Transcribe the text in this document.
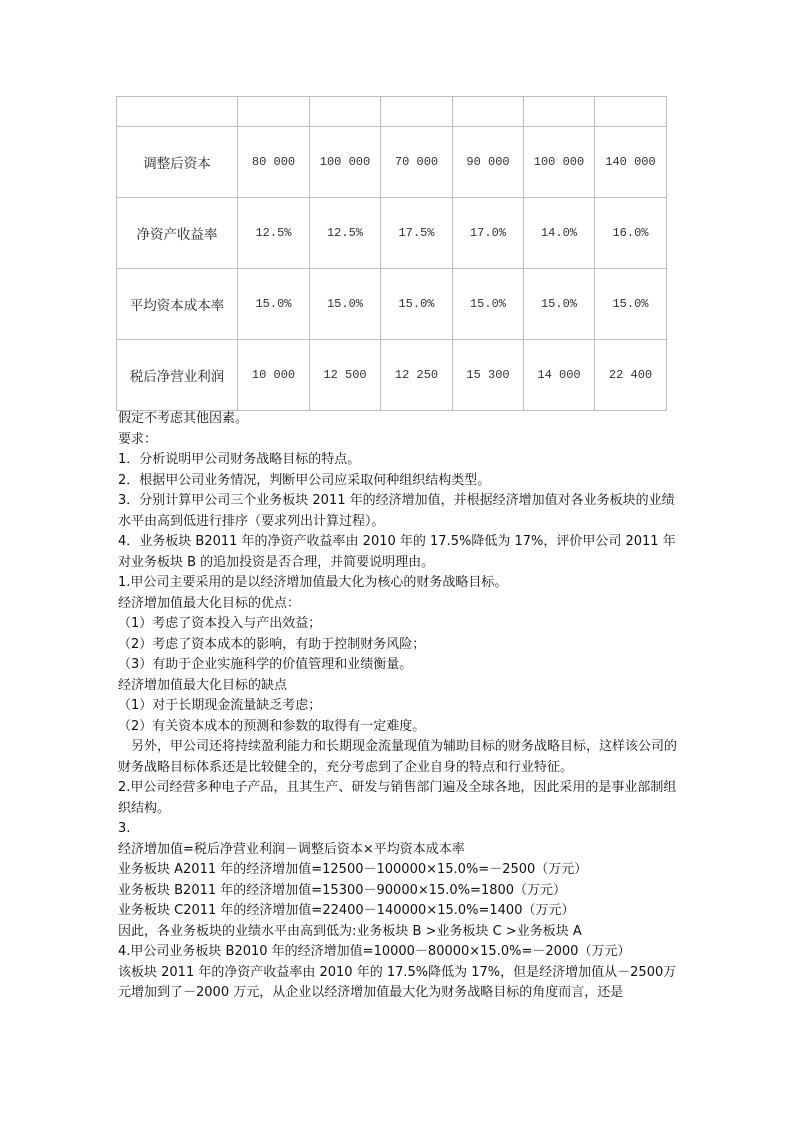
调整后资本	80 000	100 000	70 000	90 000	100 000	140 000
净资产收益率	12.5%	12.5%	17.5%	17.0%	14.0%	16.0%
平均资本成本率	15.0%	15.0%	15.0%	15.0%	15.0%	15.0%
税后净营业利润	10 000	12 500	12 250	15 300	14 000	22 400

假定不考虑其他因素。

要求：

1．分析说明甲公司财务战略目标的特点。

2．根据甲公司业务情况，判断甲公司应采取何种组织结构类型。

3．分别计算甲公司三个业务板块 2011 年的经济增加值，并根据经济增加值对各业务板块的业绩水平由高到低进行排序（要求列出计算过程）。

4．业务板块 B2011 年的净资产收益率由 2010 年的 17.5%降低为 17%，评价甲公司 2011 年对业务板块 B 的追加投资是否合理，并简要说明理由。

1.甲公司主要采用的是以经济增加值最大化为核心的财务战略目标。

经济增加值最大化目标的优点：

（1）考虑了资本投入与产出效益；

（2）考虑了资本成本的影响，有助于控制财务风险；

（3）有助于企业实施科学的价值管理和业绩衡量。

经济增加值最大化目标的缺点

（1）对于长期现金流量缺乏考虑；

（2）有关资本成本的预测和参数的取得有一定难度。

另外，甲公司还将持续盈利能力和长期现金流量现值为辅助目标的财务战略目标，这样该公司的财务战略目标体系还是比较健全的，充分考虑到了企业自身的特点和行业特征。

2.甲公司经营多种电子产品，且其生产、研发与销售部门遍及全球各地，因此采用的是事业部制组织结构。

3.

经济增加值=税后净营业利润－调整后资本×平均资本成本率

业务板块 A2011 年的经济增加值=12500－100000×15.0%=－2500（万元）

业务板块 B2011 年的经济增加值=15300－90000×15.0%=1800（万元）

业务板块 C2011 年的经济增加值=22400－140000×15.0%=1400（万元）

因此，各业务板块的业绩水平由高到低为:业务板块 B >业务板块 C >业务板块 A

4.甲公司业务板块 B2010 年的经济增加值=10000－80000×15.0%=－2000（万元）

该板块 2011 年的净资产收益率由 2010 年的 17.5%降低为 17%，但是经济增加值从－2500万元增加到了－2000 万元，从企业以经济增加值最大化为财务战略目标的角度而言，还是
